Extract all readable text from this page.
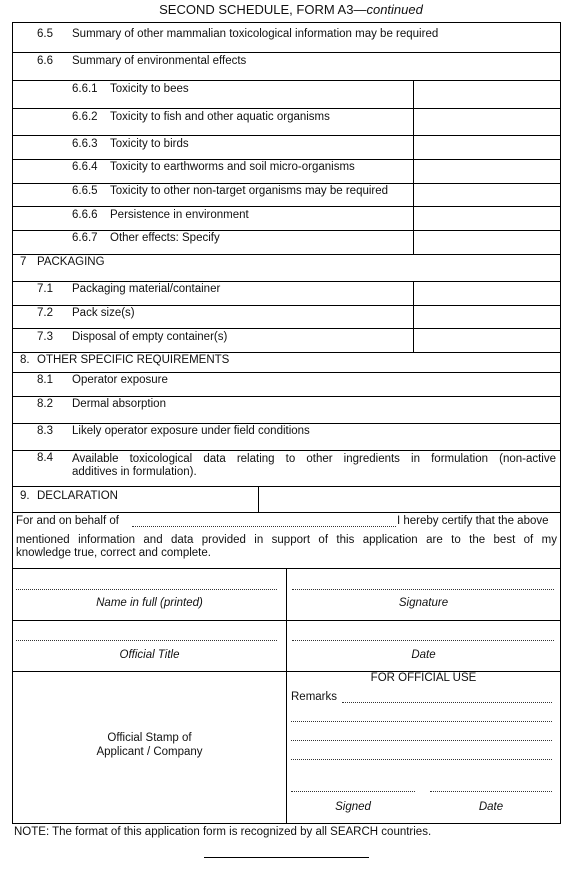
SECOND SCHEDULE, FORM A3—continued
6.5 Summary of other mammalian toxicological information may be required
6.6 Summary of environmental effects
6.6.1 Toxicity to bees
6.6.2 Toxicity to fish and other aquatic organisms
6.6.3 Toxicity to birds
6.6.4 Toxicity to earthworms and soil micro-organisms
6.6.5 Toxicity to other non-target organisms may be required
6.6.6 Persistence in environment
6.6.7 Other effects: Specify
7 PACKAGING
7.1 Packaging material/container
7.2 Pack size(s)
7.3 Disposal of empty container(s)
8. OTHER SPECIFIC REQUIREMENTS
8.1 Operator exposure
8.2 Dermal absorption
8.3 Likely operator exposure under field conditions
8.4 Available toxicological data relating to other ingredients in formulation (non-active
additives in formulation).
9. DECLARATION
For and on behalf of	I hereby certify that the above
mentioned information and data provided in support of this application are to the best of my
knowledge true, correct and complete.
Name in full (printed)	Signature
Official Title	Date
Official Stamp of
Applicant / Company
FOR OFFICIAL USE
Remarks
Signed	Date
NOTE: The format of this application form is recognized by all SEARCH countries.
